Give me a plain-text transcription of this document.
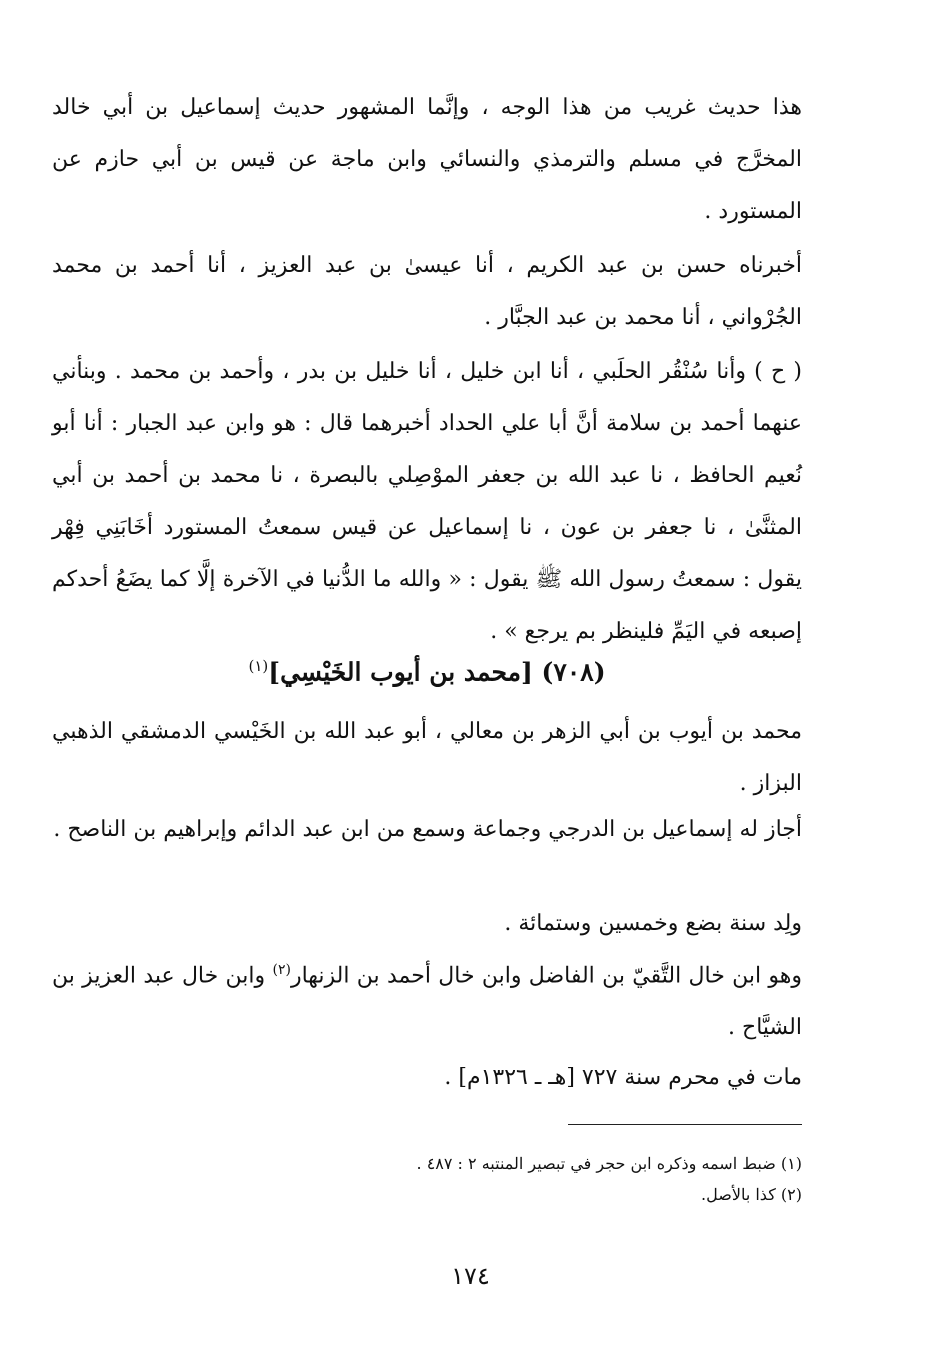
هذا حديث غريب من هذا الوجه ، وإنَّما المشهور حديث إسماعيل بن أبي خالد المخرَّج في مسلم والترمذي والنسائي وابن ماجة عن قيس بن أبي حازم عن المستورد .
أخبرناه حسن بن عبد الكريم ، أنا عيسىٰ بن عبد العزيز ، أنا أحمد بن محمد الجُرْواني ، أنا محمد بن عبد الجبَّار .
( ح ) وأنا سُنْقُر الحلَبي ، أنا ابن خليل ، أنا خليل بن بدر ، وأحمد بن محمد . وبنأني عنهما أحمد بن سلامة أنَّ أبا علي الحداد أخبرهما قال : هو وابن عبد الجبار : أنا أبو نُعيم الحافظ ، نا عبد الله بن جعفر الموْصِلي بالبصرة ، نا محمد بن أحمد بن أبي المثنَّىٰ ، نا جعفر بن عون ، نا إسماعيل عن قيس سمعتُ المستورد أخَابَنِي فِهْر يقول : سمعتُ رسول الله ﷺ يقول : « والله ما الدُّنيا في الآخرة إلَّا كما يضَعُ أحدكم إصبعه في اليَمِّ فلينظر بم يرجع » .
(٧٠٨) [محمد بن أيوب الخَيْسِي]$^{(١)}$
محمد بن أيوب بن أبي الزهر بن معالي ، أبو عبد الله بن الخَيْسي الدمشقي الذهبي البزاز .
أجاز له إسماعيل بن الدرجي وجماعة وسمع من ابن عبد الدائم وإبراهيم بن الناصح .
ولِد سنة بضع وخمسين وستمائة .
وهو ابن خال التَّقيّ بن الفاضل وابن خال أحمد بن الزنهار$^{(٢)}$ وابن خال عبد العزيز بن الشيَّاح .
مات في محرم سنة ٧٢٧ [هـ ـ ١٣٢٦م] .
(١) ضبط اسمه وذكره ابن حجر في تبصير المنتبه ٢ : ٤٨٧ .
(٢) كذا بالأصل.
١٧٤
